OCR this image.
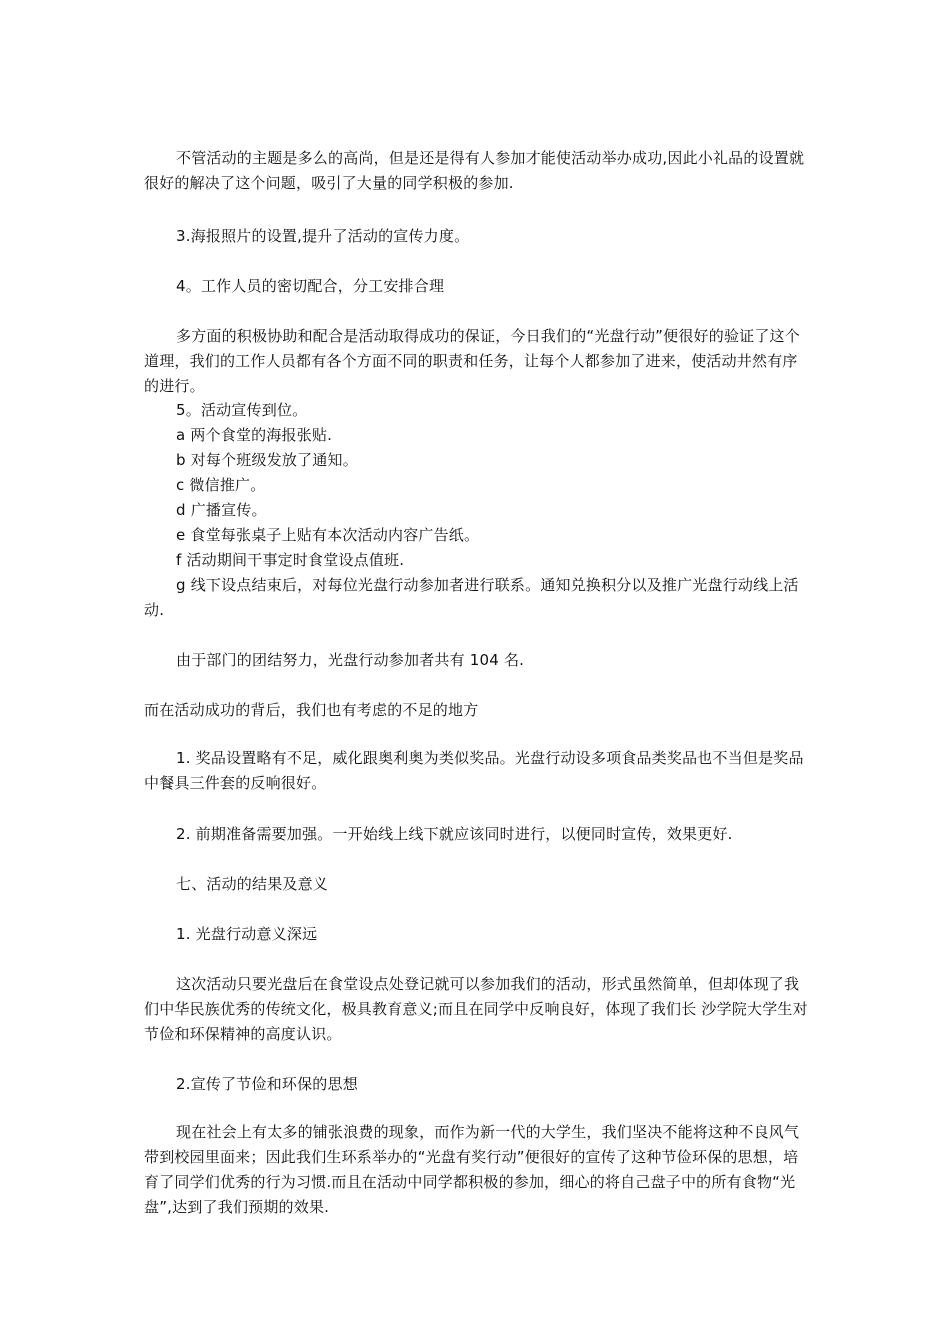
不管活动的主题是多么的高尚，但是还是得有人参加才能使活动举办成功,因此小礼品的设置就很好的解决了这个问题，吸引了大量的同学积极的参加.

3.海报照片的设置,提升了活动的宣传力度。

4。工作人员的密切配合，分工安排合理

多方面的积极协助和配合是活动取得成功的保证，今日我们的“光盘行动”便很好的验证了这个道理，我们的工作人员都有各个方面不同的职责和任务，让每个人都参加了进来，使活动井然有序的进行。

5。活动宣传到位。

a 两个食堂的海报张贴.

b 对每个班级发放了通知。

c 微信推广。

d 广播宣传。

e 食堂每张桌子上贴有本次活动内容广告纸。

f 活动期间干事定时食堂设点值班.

g 线下设点结束后，对每位光盘行动参加者进行联系。通知兑换积分以及推广光盘行动线上活动.

由于部门的团结努力，光盘行动参加者共有 104 名.

而在活动成功的背后，我们也有考虑的不足的地方

1. 奖品设置略有不足，威化跟奥利奥为类似奖品。光盘行动设多项食品类奖品也不当但是奖品中餐具三件套的反响很好。

2. 前期准备需要加强。一开始线上线下就应该同时进行，以便同时宣传，效果更好.

七、活动的结果及意义

1. 光盘行动意义深远

这次活动只要光盘后在食堂设点处登记就可以参加我们的活动，形式虽然简单，但却体现了我们中华民族优秀的传统文化，极具教育意义;而且在同学中反响良好，体现了我们长 沙学院大学生对节俭和环保精神的高度认识。

2.宣传了节俭和环保的思想

现在社会上有太多的铺张浪费的现象，而作为新一代的大学生，我们坚决不能将这种不良风气带到校园里面来；因此我们生环系举办的“光盘有奖行动”便很好的宣传了这种节俭环保的思想，培育了同学们优秀的行为习惯.而且在活动中同学都积极的参加，细心的将自己盘子中的所有食物“光盘”,达到了我们预期的效果.
